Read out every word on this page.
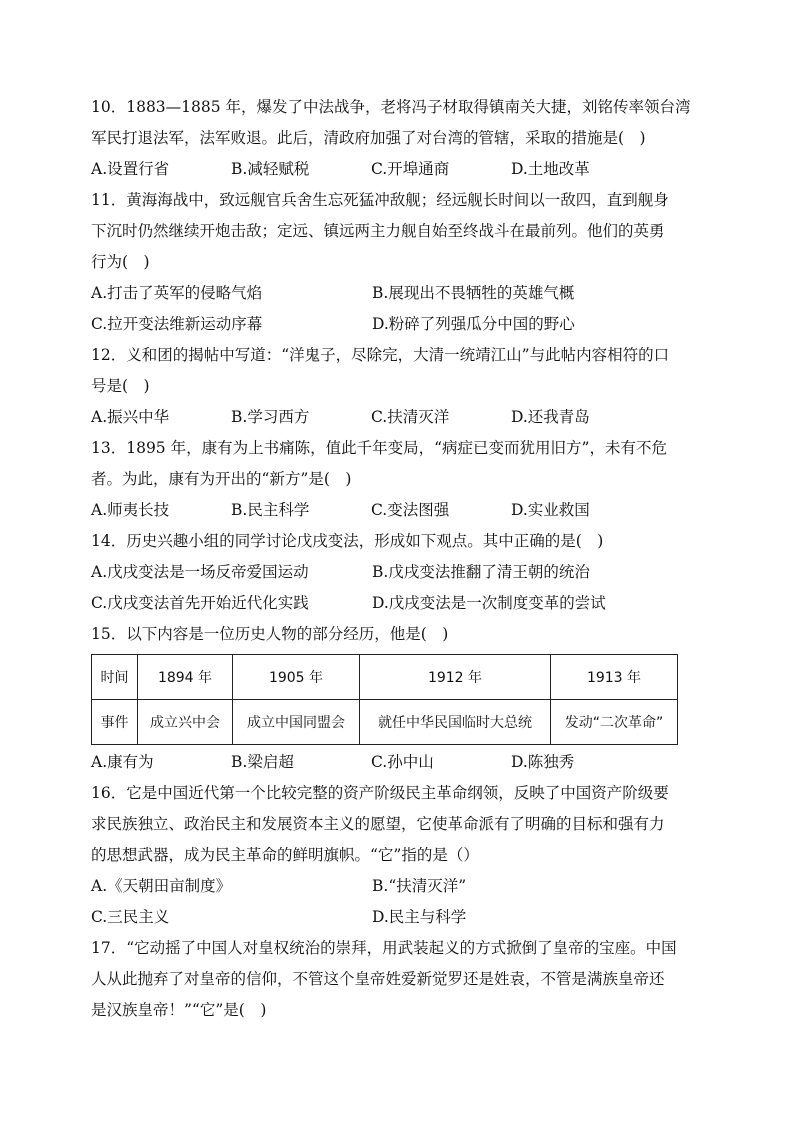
10．1883—1885 年，爆发了中法战争，老将冯子材取得镇南关大捷，刘铭传率领台湾
军民打退法军，法军败退。此后，清政府加强了对台湾的管辖，采取的措施是(　)
A.设置行省	B.减轻赋税	C.开埠通商	D.土地改革
11．黄海海战中，致远舰官兵舍生忘死猛冲敌舰；经远舰长时间以一敌四，直到舰身
下沉时仍然继续开炮击敌；定远、镇远两主力舰自始至终战斗在最前列。他们的英勇
行为(　)
A.打击了英军的侵略气焰	B.展现出不畏牺牲的英雄气概
C.拉开变法维新运动序幕	D.粉碎了列强瓜分中国的野心
12．义和团的揭帖中写道：“洋鬼子，尽除完，大清一统靖江山”与此帖内容相符的口
号是(　)
A.振兴中华	B.学习西方	C.扶清灭洋	D.还我青岛
13．1895 年，康有为上书痛陈，值此千年变局，“病症已变而犹用旧方”，未有不危
者。为此，康有为开出的“新方”是(　)
A.师夷长技	B.民主科学	C.变法图强	D.实业救国
14．历史兴趣小组的同学讨论戊戌变法，形成如下观点。其中正确的是(　)
A.戊戌变法是一场反帝爱国运动	B.戊戌变法推翻了清王朝的统治
C.戊戌变法首先开始近代化实践	D.戊戌变法是一次制度变革的尝试
15．以下内容是一位历史人物的部分经历，他是(　)
时间	1894 年	1905 年	1912 年	1913 年
事件	成立兴中会	成立中国同盟会	就任中华民国临时大总统	发动“二次革命”
A.康有为	B.梁启超	C.孙中山	D.陈独秀
16．它是中国近代第一个比较完整的资产阶级民主革命纲领，反映了中国资产阶级要
求民族独立、政治民主和发展资本主义的愿望，它使革命派有了明确的目标和强有力
的思想武器，成为民主革命的鲜明旗帜。“它”指的是（）
A.《天朝田亩制度》	B.“扶清灭洋”
C.三民主义	D.民主与科学
17．“它动摇了中国人对皇权统治的崇拜，用武装起义的方式掀倒了皇帝的宝座。中国
人从此抛弃了对皇帝的信仰，不管这个皇帝姓爱新觉罗还是姓袁，不管是满族皇帝还
是汉族皇帝！”“它”是(　)
